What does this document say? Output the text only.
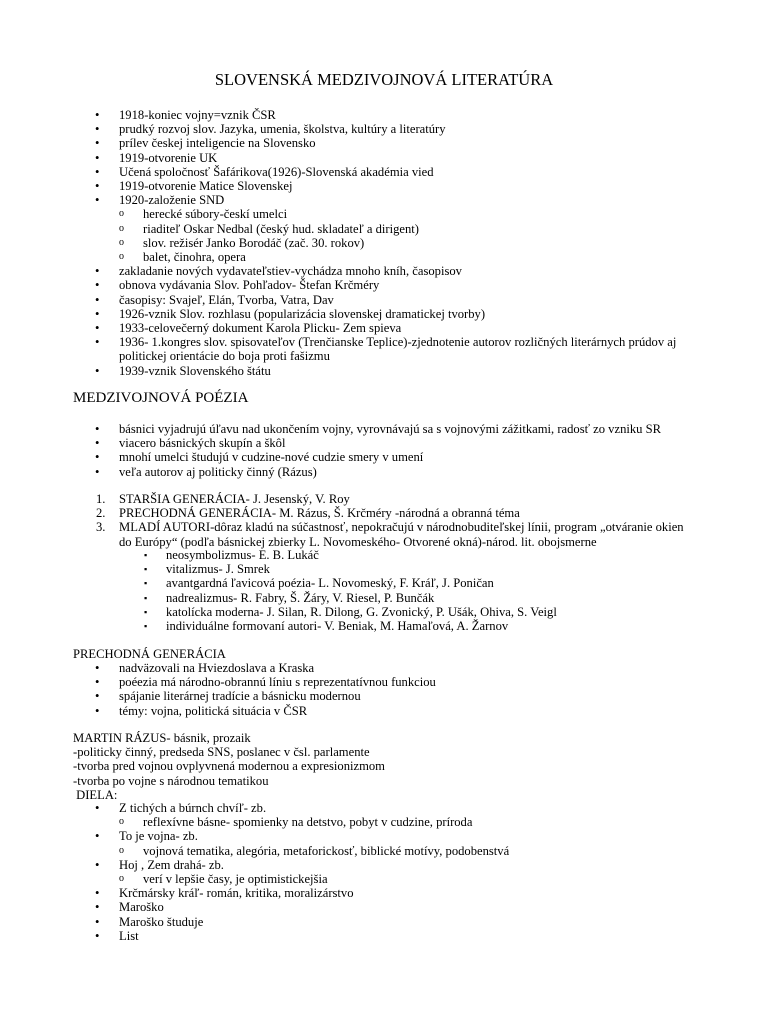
SLOVENSKÁ MEDZIVOJNOVÁ LITERATÚRA
• 1918-koniec vojny=vznik ČSR
• prudký rozvoj slov. Jazyka, umenia, školstva, kultúry a literatúry
• prílev českej inteligencie na Slovensko
• 1919-otvorenie UK
• Učená spoločnosť Šafárikova(1926)-Slovenská akadémia vied
• 1919-otvorenie Matice Slovenskej
• 1920-založenie SND
o herecké súbory-českí umelci
o riaditeľ Oskar Nedbal (český hud. skladateľ a dirigent)
o slov. režisér Janko Borodáč (zač. 30. rokov)
o balet, činohra, opera
• zakladanie nových vydavateľstiev-vychádza mnoho kníh, časopisov
• obnova vydávania Slov. Pohľadov- Štefan Krčméry
• časopisy: Svajeľ, Elán, Tvorba, Vatra, Dav
• 1926-vznik Slov. rozhlasu (popularizácia slovenskej dramatickej tvorby)
• 1933-celovečerný dokument Karola Plicku- Zem spieva
• 1936- 1.kongres slov. spisovateľov (Trenčianske Teplice)-zjednotenie autorov rozličných literárnych prúdov aj politickej orientácie do boja proti fašizmu
• 1939-vznik Slovenského štátu
MEDZIVOJNOVÁ POÉZIA
• básnici vyjadrujú úľavu nad ukončením vojny, vyrovnávajú sa s vojnovými zážitkami, radosť zo vzniku SR
• viacero básnických skupín a škôl
• mnohí umelci študujú v cudzine-nové cudzie smery v umení
• veľa autorov aj politicky činný (Rázus)
1. STARŠIA GENERÁCIA- J. Jesenský, V. Roy
2. PRECHODNÁ GENERÁCIA- M. Rázus, Š. Krčméry -národná a obranná téma
3. MLADÍ AUTORI-dôraz kladú na súčastnosť, nepokračujú v národnobuditeľskej línii, program „otváranie okien do Európy“ (podľa básnickej zbierky L. Novomeského- Otvorené okná)-národ. lit. obojsmerne
▪ neosymbolizmus- E. B. Lukáč
▪ vitalizmus- J. Smrek
▪ avantgardná ľavicová poézia- L. Novomeský, F. Kráľ, J. Poničan
▪ nadrealizmus- R. Fabry, Š. Žáry, V. Riesel, P. Bunčák
▪ katolícka moderna- J. Silan, R. Dilong, G. Zvonický, P. Ušák, Ohiva, S. Veigl
▪ individuálne formovaní autori- V. Beniak, M. Hamaľová, A. Žarnov
PRECHODNÁ GENERÁCIA
• nadväzovali na Hviezdoslava a Kraska
• poéezia má národno-obrannú líniu s reprezentatívnou funkciou
• spájanie literárnej tradície a básnicku modernou
• témy: vojna, politická situácia v ČSR
MARTIN RÁZUS- básnik, prozaik
-politicky činný, predseda SNS, poslanec v čsl. parlamente
-tvorba pred vojnou ovplyvnená modernou a expresionizmom
-tvorba po vojne s národnou tematikou
DIELA:
• Z tichých a búrnch chvíľ- zb.
o reflexívne básne- spomienky na detstvo, pobyt v cudzine, príroda
• To je vojna- zb.
o vojnová tematika, alegória, metaforickosť, biblické motívy, podobenstvá
• Hoj , Zem drahá- zb.
o verí v lepšie časy, je optimistickejšia
• Krčmársky kráľ- román, kritika, moralizárstvo
• Maroško
• Maroško študuje
• List
